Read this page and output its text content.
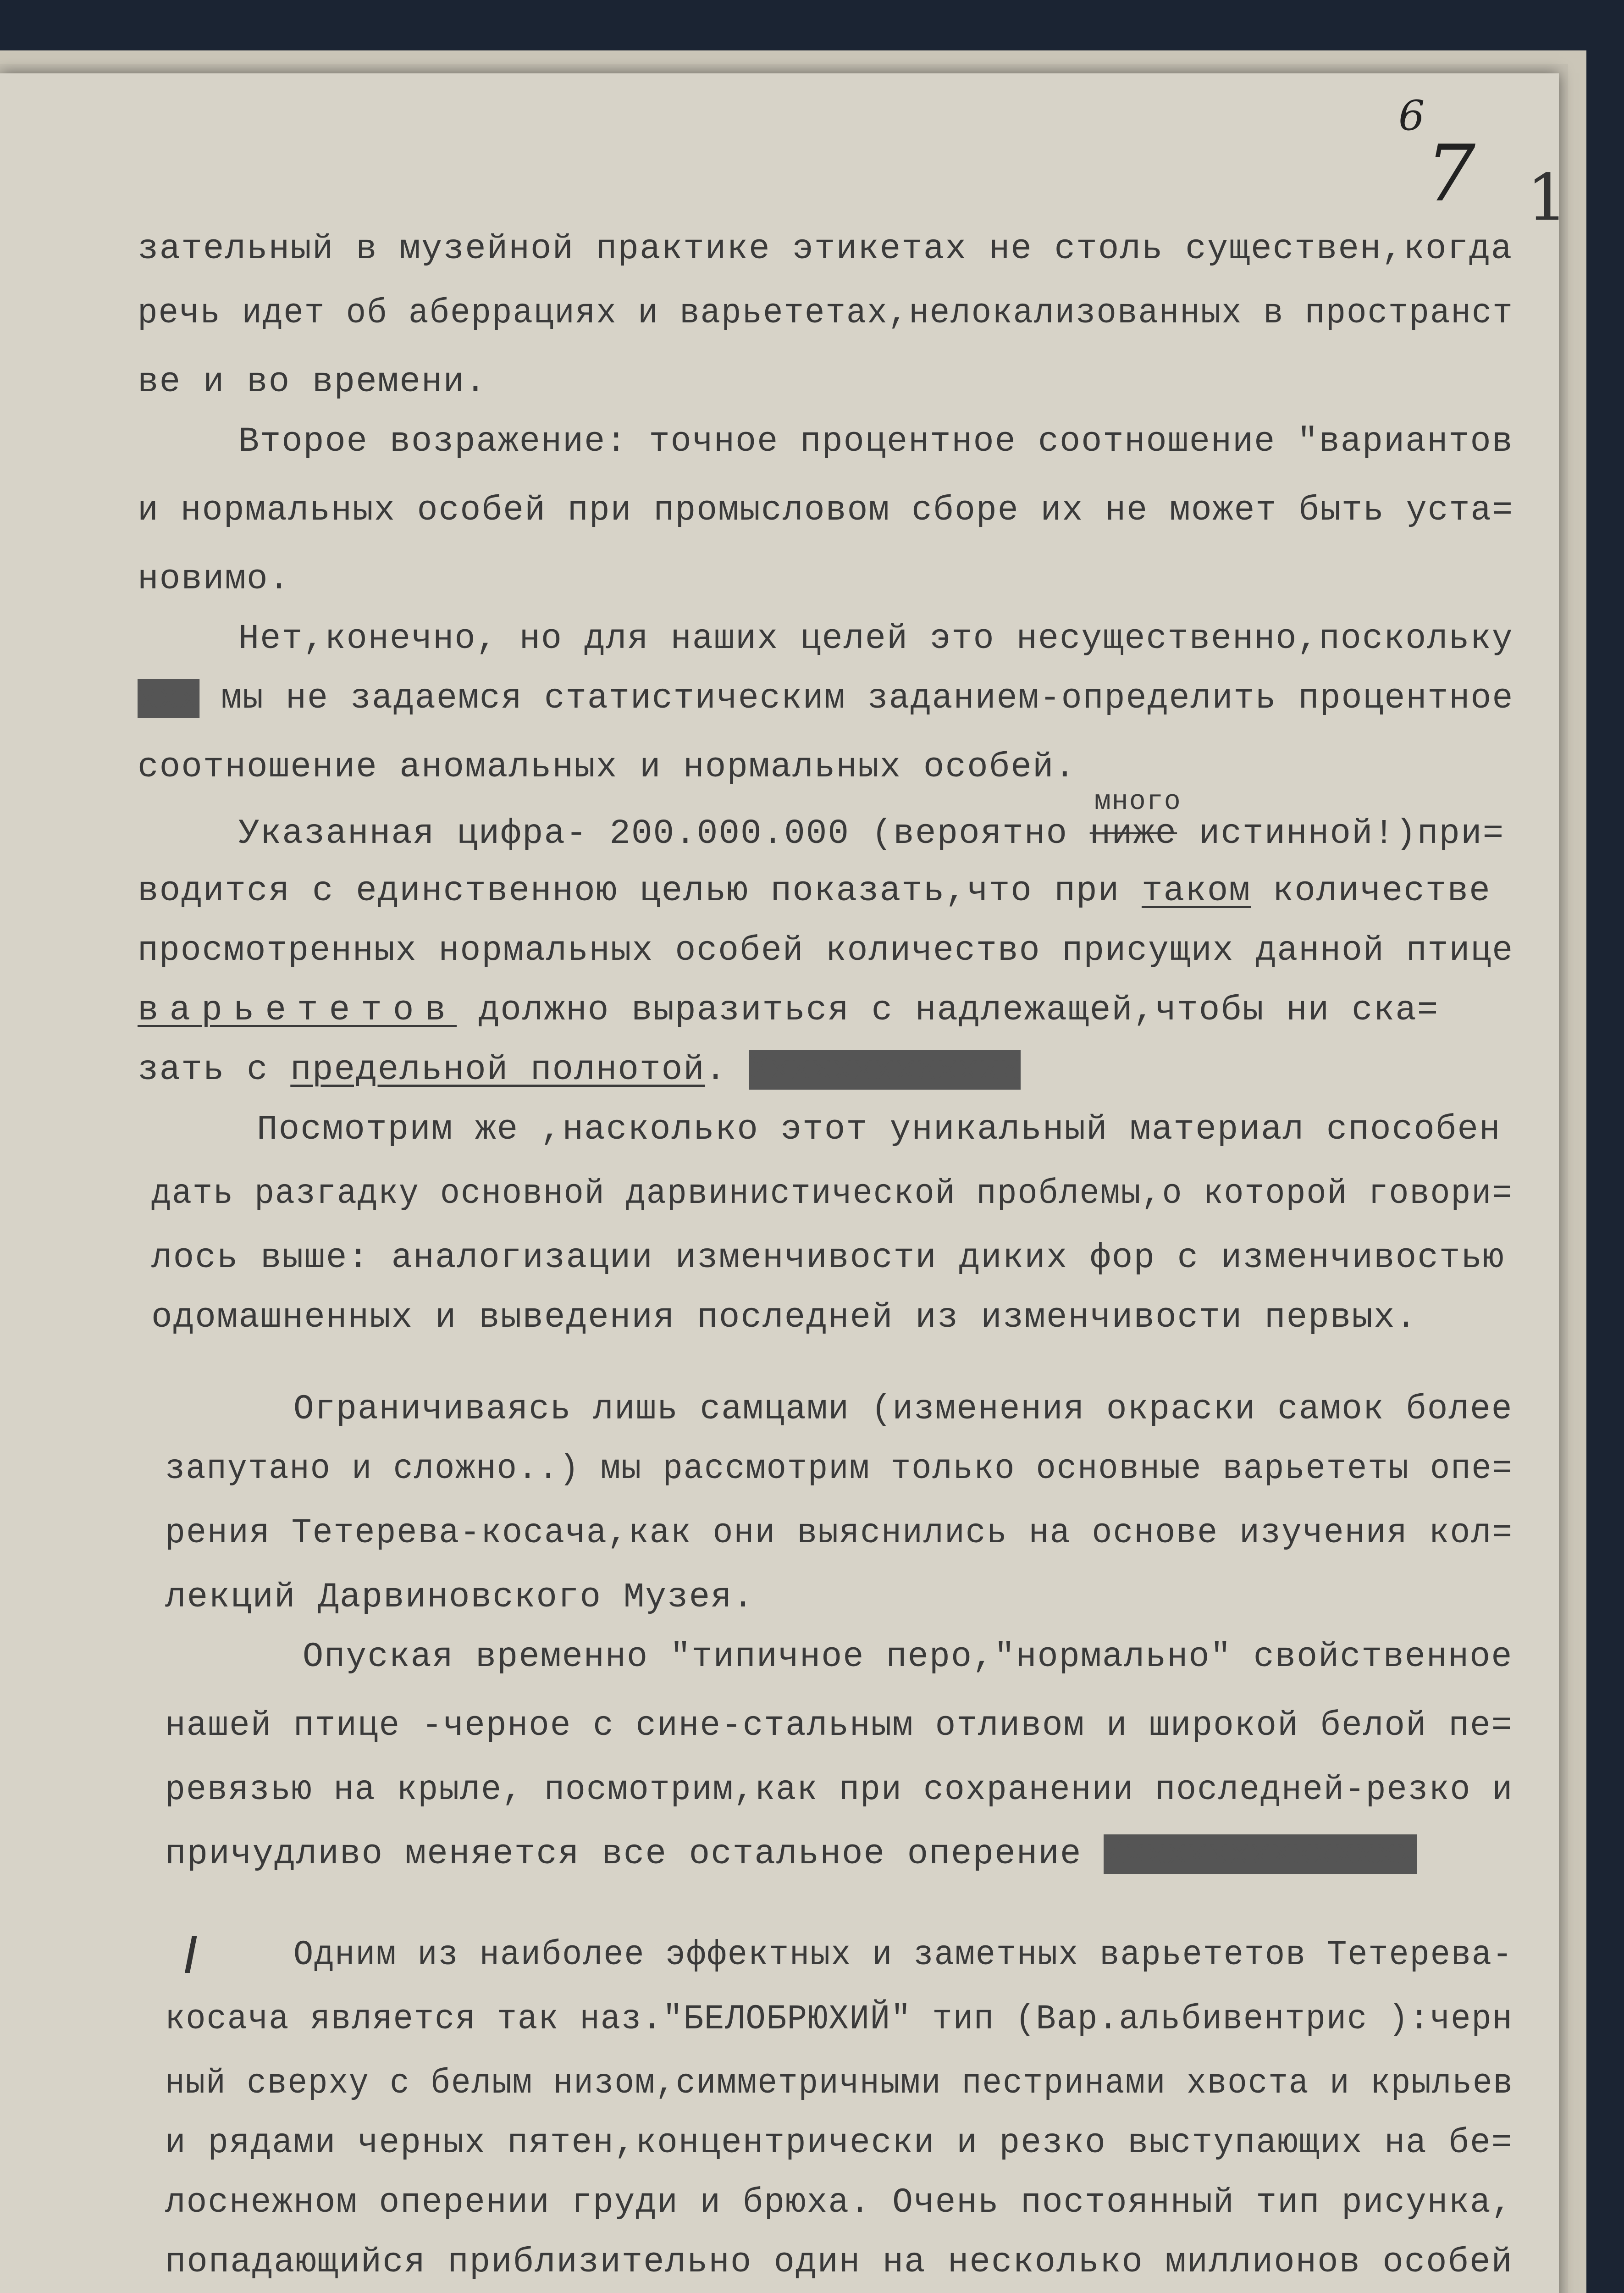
6
7 1
зательный в музейной практике этикетах не столь существен,когда
речь идет об аберрациях и варьететах,нелокализованных в пространст
ве и во времени.
Второе возражение: точное процентное соотношение "вариантов
и нормальных особей при промысловом сборе их не может быть уста=
новимо.
Нет,конечно, но для наших целей это несущественно,поскольку
ххх мы не задаемся статистическим заданием-определить процентное
соотношение аномальных и нормальных особей.
Указанная цифра- 200.000.000 (вероятно
много
ниже истинной!)при=
водится с единственною целью показать,что при таком количестве
просмотренных нормальных особей количество присущих данной птице
варьететов должно выразиться с надлежащей,чтобы ни ска=
зать с предельной полнотой. Ххххххххххххх
Посмотрим же ,насколько этот уникальный материал способен
дать разгадку основной дарвинистической проблемы,о которой говори=
лось выше: аналогизации изменчивости диких фор с изменчивостью
одомашненных и выведения последней из изменчивости первых.
Ограничиваясь лишь самцами (изменения окраски самок более
запутано и сложно..) мы рассмотрим только основные варьететы опе=
рения Тетерева-косача,как они выяснились на основе изучения кол=
лекций Дарвиновского Музея.
Опуская временно "типичное перо,"нормально" свойственное
нашей птице -черное с сине-стальным отливом и широкой белой пе=
ревязью на крыле, посмотрим,как при сохранении последней-резко и
причудливо меняется все остальное оперение Ххххххххххххххх
I	Одним из наиболее эффектных и заметных варьететов Тетерева-
косача является так наз."БЕЛОБРЮХИЙ" тип (Вар.альбивентрис ):черн
ный сверху с белым низом,симметричными пестринами хвоста и крыльев
и рядами черных пятен,концентрически и резко выступающих на бе=
лоснежном оперении груди и брюха. Очень постоянный тип рисунка,
попадающийся приблизительно один на несколько миллионов особей
